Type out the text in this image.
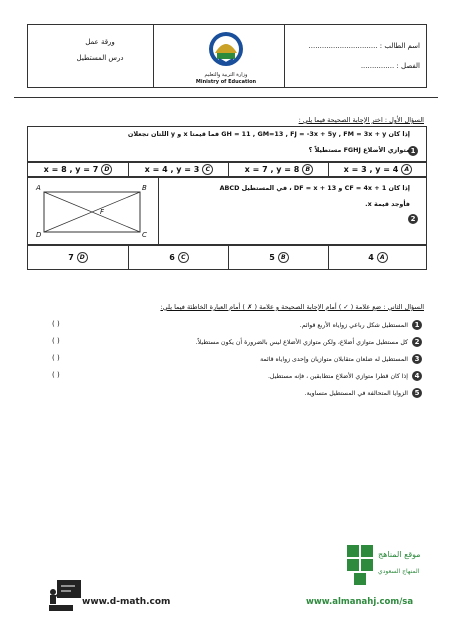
ورقة عمل
درس المستطيل
وزارة التربية والتعليم
Ministry of Education
اسم الطالب : ...............................
الفصل : ...............
السؤال الأول : اختر الإجابة الصحيحة فيما يلي :
1
إذا كان GH = 11 , GM=13 , FJ = -3x + 5y , FM = 3x + y فما قيمتا x و y اللتان تجعلان
متوازي الأضلاع FGHJ مستطيلاً ؟
x = 8 , y = 7	D	x = 4 , y = 3	C	x = 7 , y = 8	B	x = 3 , y = 4	A
2
إذا كان CF = 4x + 1 و DF = x + 13 ، في المستطيل ABCD
فأوجد قيمة x.
A	B
D	C
F
7	D	6	C	5	B	4	A
السؤال الثاني : ضع علامة ( ✓ ) أمام الإجابة الصحيحة و علامة ( ✗ ) أمام العبارة الخاطئة فيما يلي:
1
المستطيل شكل رباعي زواياه الأربع قوائم.
( )
2
كل مستطيل متوازي أضلاع، ولكن متوازي الأضلاع ليس بالضرورة أن يكون مستطيلاً.
( )
3
المستطيل له ضلعان متقابلان متوازيان وإحدى زواياه قائمة
( )
4
إذا كان قطرا متوازي الأضلاع متطابقين ، فإنه مستطيل.
( )
5
الزوايا المتحالفة في المستطيل متساوية.
www.d-math.com
موقع المناهج
المنهاج السعودي
www.almanahj.com/sa
